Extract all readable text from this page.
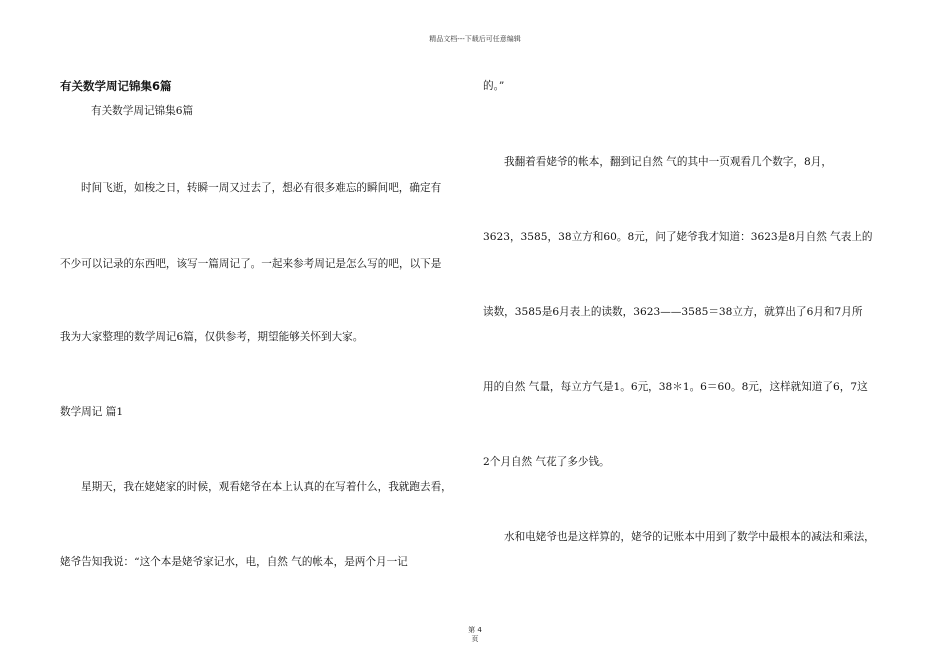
精品文档---下载后可任意编辑
有关数学周记锦集6篇
有关数学周记锦集6篇
时间飞逝，如梭之日，转瞬一周又过去了，想必有很多难忘的瞬间吧，确定有
不少可以记录的东西吧，该写一篇周记了。一起来参考周记是怎么写的吧，以下是
我为大家整理的数学周记6篇，仅供参考，期望能够关怀到大家。
数学周记 篇1
星期天，我在姥姥家的时候，观看姥爷在本上认真的在写着什么，我就跑去看，
姥爷告知我说：“这个本是姥爷家记水，电，自然 气的帐本，是两个月一记
的。”
我翻着看姥爷的帐本，翻到记自然 气的其中一页观看几个数字，8月，
3623，3585，38立方和60。8元，问了姥爷我才知道：3623是8月自然 气表上的
读数，3585是6月表上的读数，3623——3585＝38立方，就算出了6月和7月所
用的自然 气量，每立方气是1。6元，38＊1。6＝60。8元，这样就知道了6，7这
2个月自然 气花了多少钱。
水和电姥爷也是这样算的，姥爷的记账本中用到了数学中最根本的减法和乘法，
第 4
页
